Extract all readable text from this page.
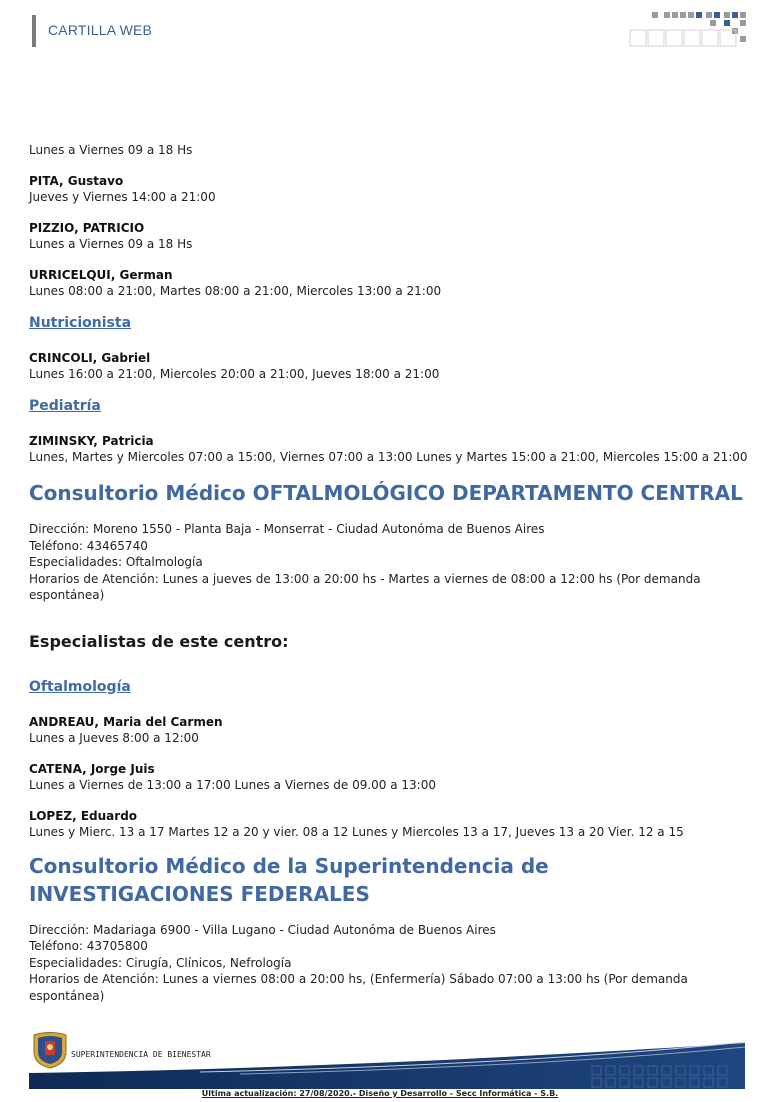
CARTILLA WEB

Lunes a Viernes 09 a 18 Hs

PITA, Gustavo

Jueves y Viernes 14:00 a 21:00

PIZZIO, PATRICIO

Lunes a Viernes 09 a 18 Hs

URRICELQUI, German

Lunes 08:00 a 21:00, Martes 08:00 a 21:00, Miercoles 13:00 a 21:00

Nutricionista

CRINCOLI, Gabriel

Lunes 16:00 a 21:00, Miercoles 20:00 a 21:00, Jueves 18:00 a 21:00

Pediatría

ZIMINSKY, Patricia

Lunes, Martes y Miercoles 07:00 a 15:00, Viernes 07:00 a 13:00 Lunes y Martes 15:00 a 21:00, Miercoles 15:00 a 21:00

Consultorio Médico OFTALMOLÓGICO DEPARTAMENTO CENTRAL

Dirección: Moreno 1550 - Planta Baja - Monserrat - Ciudad Autonóma de Buenos Aires

Teléfono: 43465740

Especialidades: Oftalmología

Horarios de Atención: Lunes a jueves de 13:00 a 20:00 hs - Martes a viernes de 08:00 a 12:00 hs (Por demanda espontánea)

Especialistas de este centro:
Oftalmología

ANDREAU, Maria del Carmen

Lunes a Jueves 8:00 a 12:00

CATENA, Jorge Juis

Lunes a Viernes de 13:00 a 17:00 Lunes a Viernes de 09.00 a 13:00

LOPEZ, Eduardo

Lunes y Mierc. 13 a 17 Martes 12 a 20 y vier. 08 a 12 Lunes y Miercoles 13 a 17, Jueves 13 a 20 Vier. 12 a 15

Consultorio Médico de la Superintendencia de INVESTIGACIONES FEDERALES

Dirección: Madariaga 6900 - Villa Lugano - Ciudad Autonóma de Buenos Aires

Teléfono: 43705800

Especialidades: Cirugía, Clínicos, Nefrología

Horarios de Atención: Lunes a viernes 08:00 a 20:00 hs, (Enfermería) Sábado 07:00 a 13:00 hs (Por demanda espontánea)

SUPERINTENDENCIA DE BIENESTAR
Última actualización: 27/08/2020.- Diseño y Desarrollo - Secc Informática - S.B.
